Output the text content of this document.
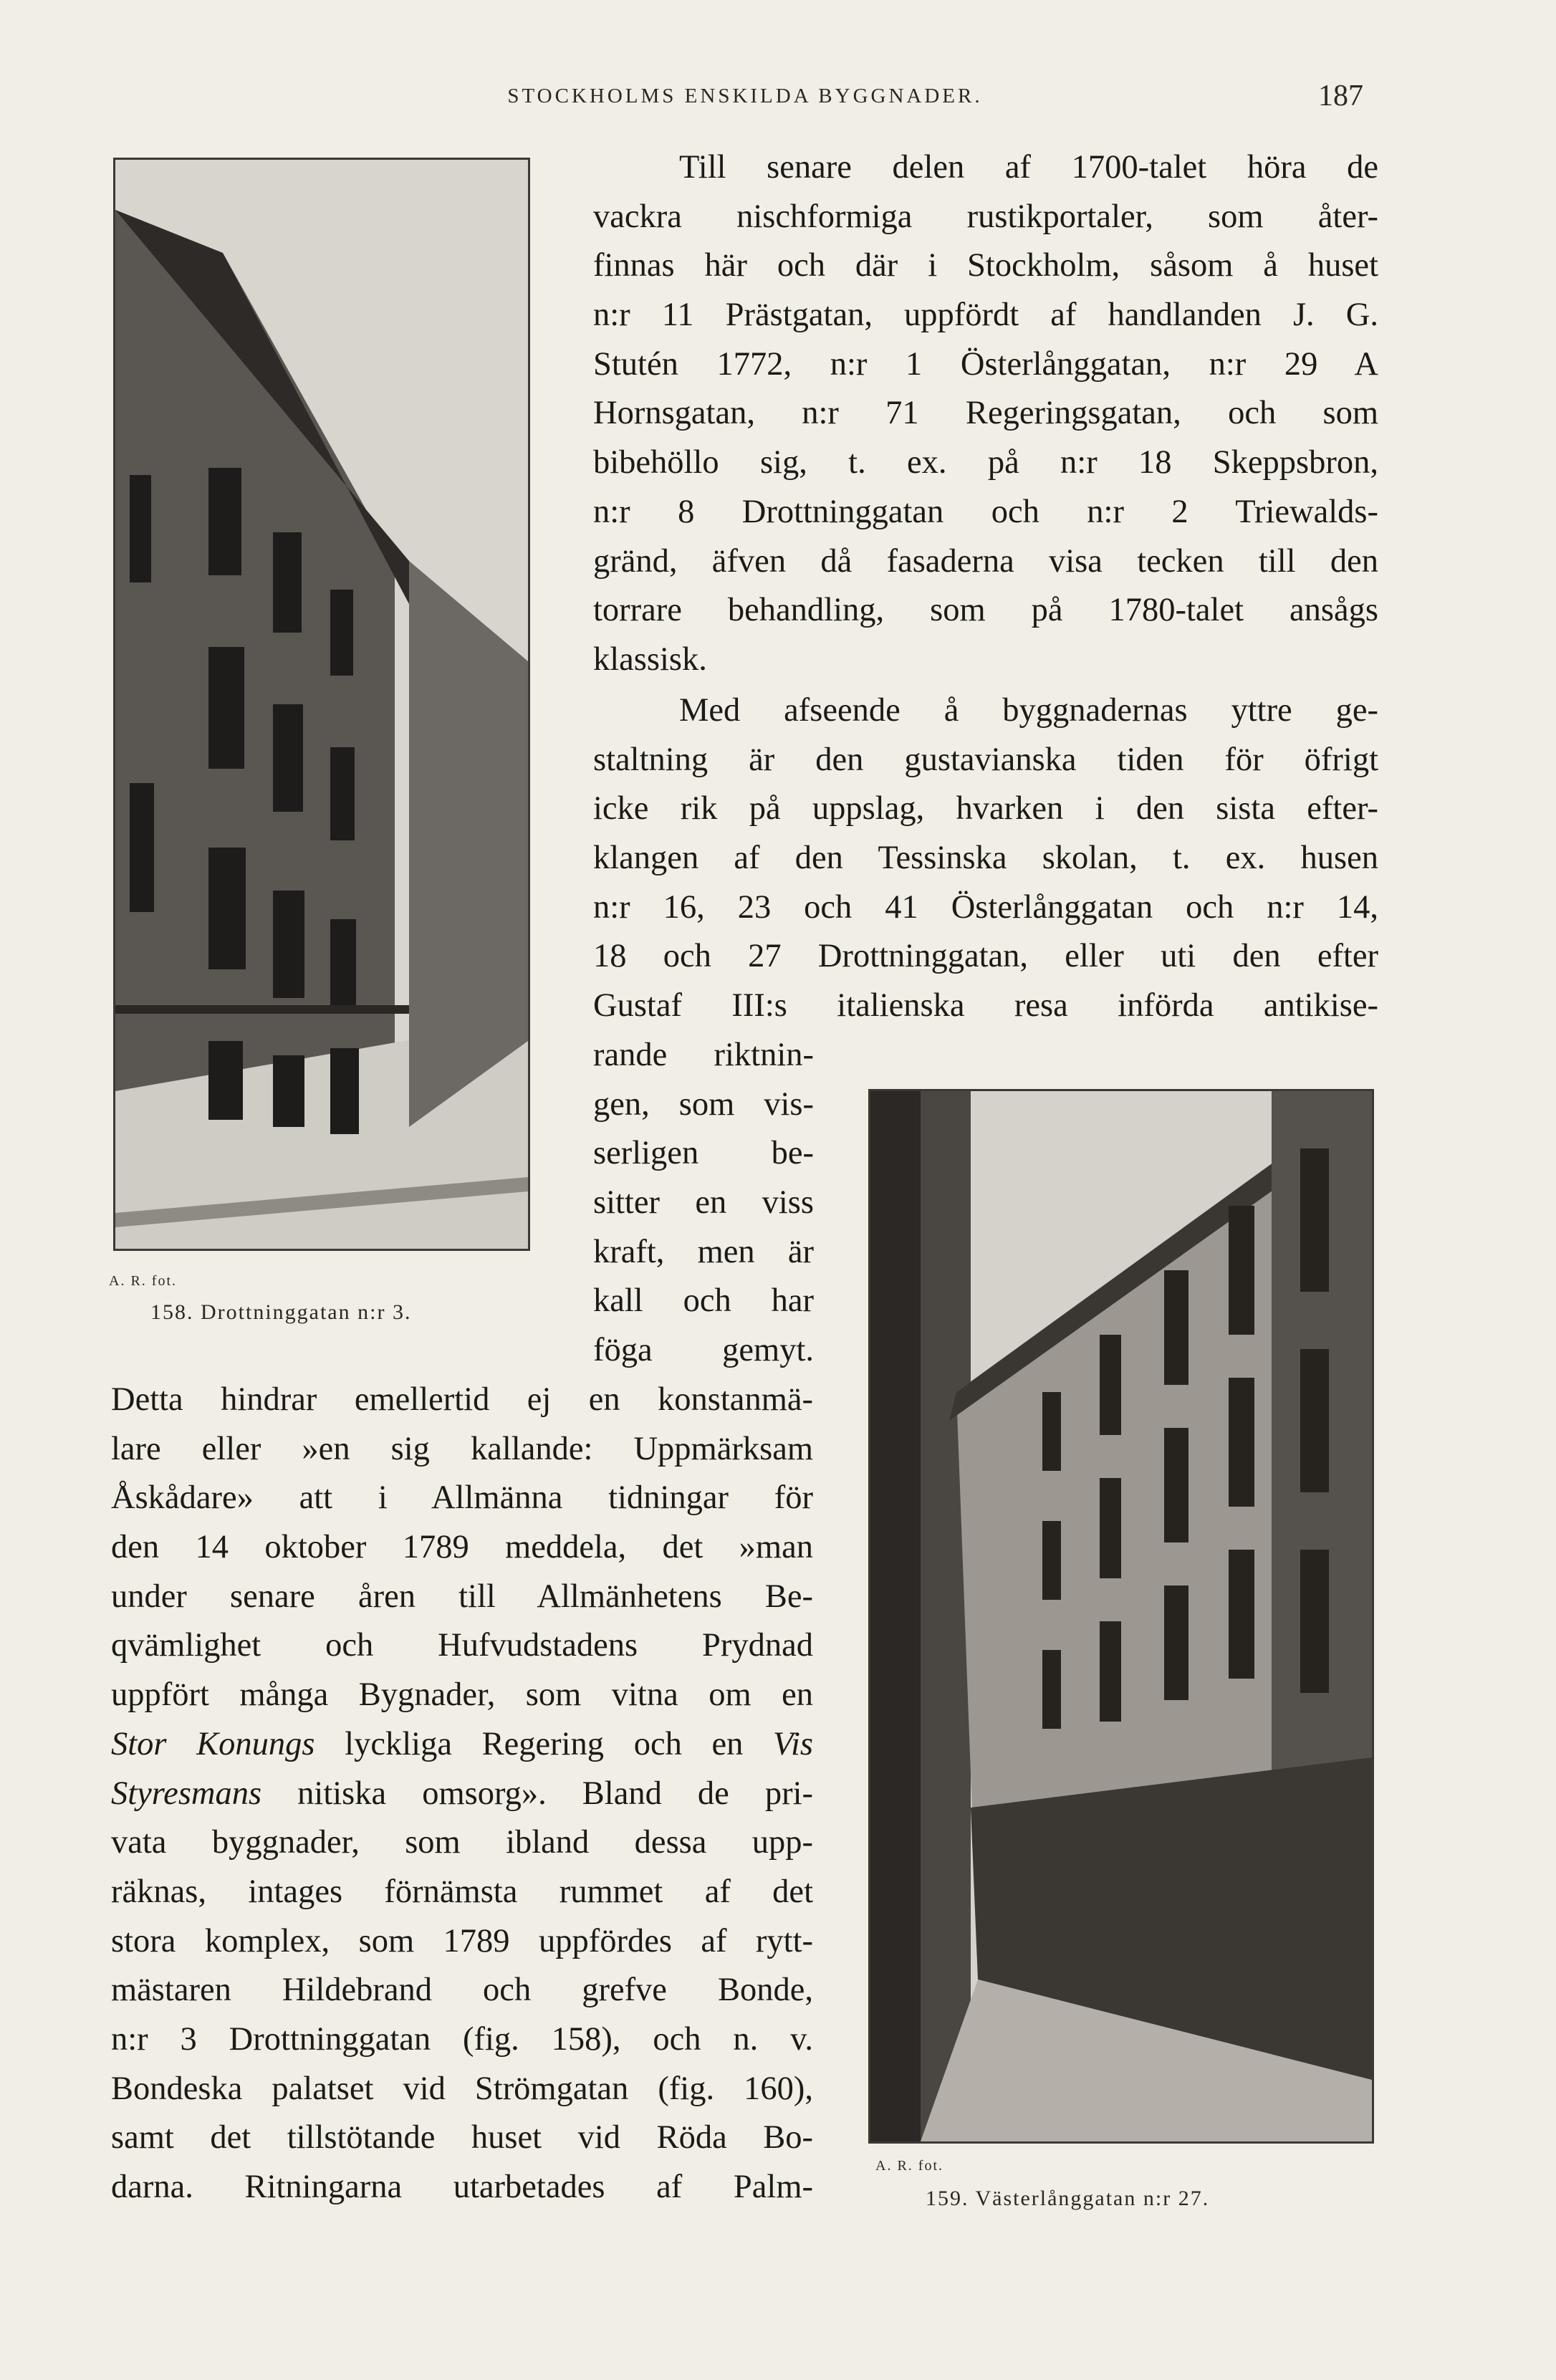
STOCKHOLMS ENSKILDA BYGGNADER.	187
A. R. fot.
158. Drottninggatan n:r 3.
A. R. fot.
159. Västerlånggatan n:r 27.
Till senare delen af 1700-talet höra de
vackra nischformiga rustikportaler, som åter-
finnas här och där i Stockholm, såsom å huset
n:r 11 Prästgatan, uppfördt af handlanden J. G.
Stutén 1772, n:r 1 Österlånggatan, n:r 29 A
Hornsgatan, n:r 71 Regeringsgatan, och som
bibehöllo sig, t. ex. på n:r 18 Skeppsbron,
n:r 8 Drottninggatan och n:r 2 Triewalds-
gränd, äfven då fasaderna visa tecken till den
torrare behandling, som på 1780-talet ansågs
klassisk.
Med afseende å byggnadernas yttre ge-
staltning är den gustavianska tiden för öfrigt
icke rik på uppslag, hvarken i den sista efter-
klangen af den Tessinska skolan, t. ex. husen
n:r 16, 23 och 41 Österlånggatan och n:r 14,
18 och 27 Drottninggatan, eller uti den efter
Gustaf III:s italienska resa införda antikise-
rande riktnin-
gen, som vis-
serligen be-
sitter en viss
kraft, men är
kall och har
föga gemyt.
Detta hindrar emellertid ej en konstanmä-
lare eller »en sig kallande: Uppmärksam
Åskådare» att i Allmänna tidningar för
den 14 oktober 1789 meddela, det »man
under senare åren till Allmänhetens Be-
qvämlighet och Hufvudstadens Prydnad
uppfört många Bygnader, som vitna om en
Stor Konungs lyckliga Regering och en Vis
Styresmans nitiska omsorg». Bland de pri-
vata byggnader, som ibland dessa upp-
räknas, intages förnämsta rummet af det
stora komplex, som 1789 uppfördes af rytt-
mästaren Hildebrand och grefve Bonde,
n:r 3 Drottninggatan (fig. 158), och n. v.
Bondeska palatset vid Strömgatan (fig. 160),
samt det tillstötande huset vid Röda Bo-
darna. Ritningarna utarbetades af Palm-
